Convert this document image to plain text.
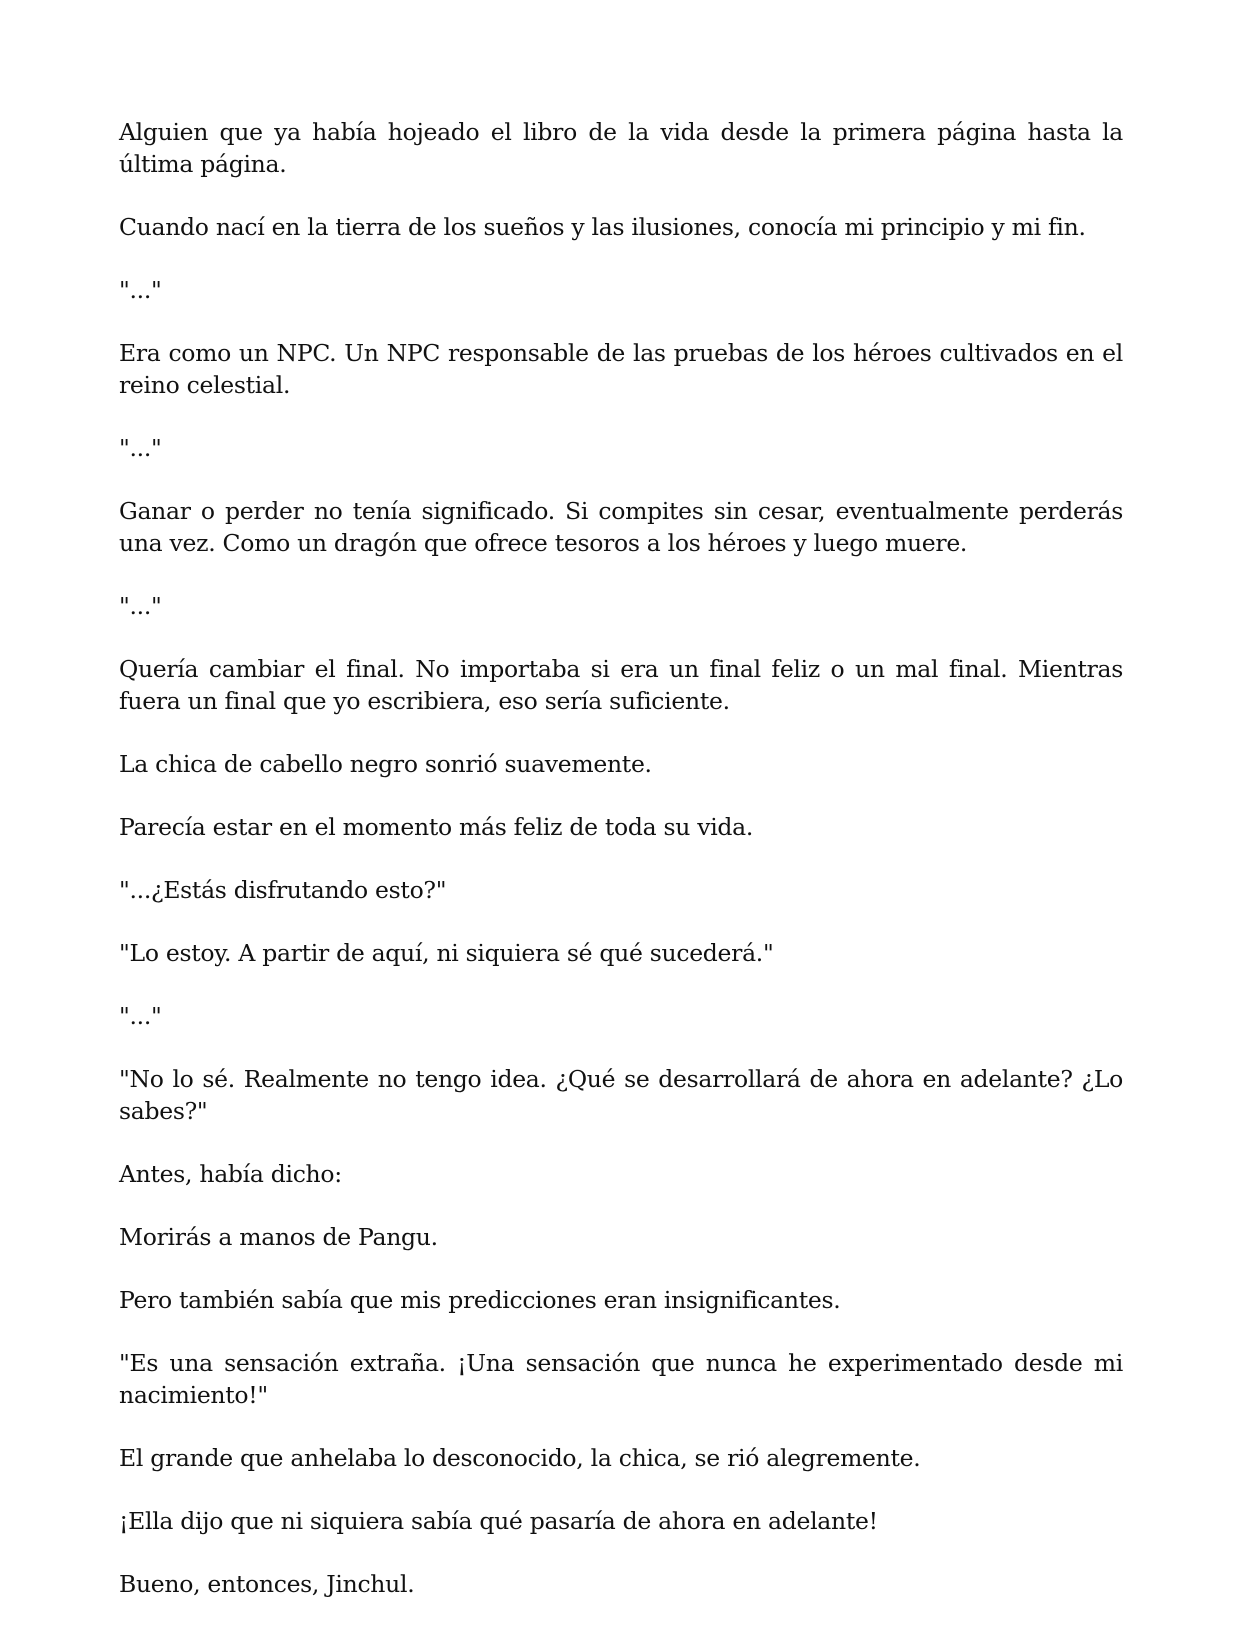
Alguien que ya había hojeado el libro de la vida desde la primera página hasta la última página.

Cuando nací en la tierra de los sueños y las ilusiones, conocía mi principio y mi fin.

"..."

Era como un NPC. Un NPC responsable de las pruebas de los héroes cultivados en el reino celestial.

"..."

Ganar o perder no tenía significado. Si compites sin cesar, eventualmente perderás una vez. Como un dragón que ofrece tesoros a los héroes y luego muere.

"..."

Quería cambiar el final. No importaba si era un final feliz o un mal final. Mientras fuera un final que yo escribiera, eso sería suficiente.

La chica de cabello negro sonrió suavemente.

Parecía estar en el momento más feliz de toda su vida.

"...¿Estás disfrutando esto?"

"Lo estoy. A partir de aquí, ni siquiera sé qué sucederá."

"..."

"No lo sé. Realmente no tengo idea. ¿Qué se desarrollará de ahora en adelante? ¿Lo sabes?"

Antes, había dicho:

Morirás a manos de Pangu.

Pero también sabía que mis predicciones eran insignificantes.

"Es una sensación extraña. ¡Una sensación que nunca he experimentado desde mi nacimiento!"

El grande que anhelaba lo desconocido, la chica, se rió alegremente.

¡Ella dijo que ni siquiera sabía qué pasaría de ahora en adelante!

Bueno, entonces, Jinchul.
